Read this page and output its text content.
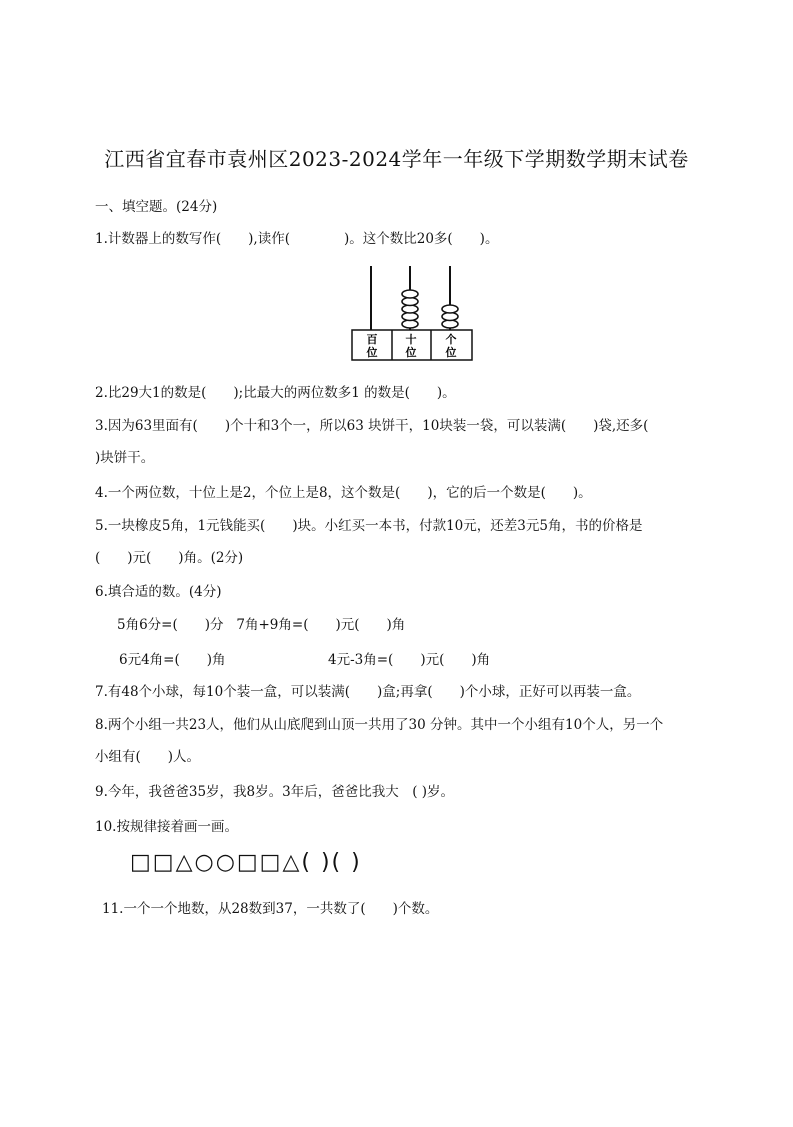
江西省宜春市袁州区2023-2024学年一年级下学期数学期末试卷
一、填空题。(24分)
1.计数器上的数写作(　　),读作(　　　　)。这个数比20多(　　)。
百
位
十
位
个
位
2.比29大1的数是(　　);比最大的两位数多1 的数是(　　)。
3.因为63里面有(　　)个十和3个一，所以63 块饼干，10块装一袋，可以装满(　　)袋,还多(
)块饼干。
4.一个两位数，十位上是2，个位上是8，这个数是(　　)，它的后一个数是(　　)。
5.一块橡皮5角，1元钱能买(　　)块。小红买一本书，付款10元，还差3元5角，书的价格是
(　　)元(　　)角。(2分)
6.填合适的数。(4分)
5角6分=(　　)分   7角+9角=(　　)元(　　)角
6元4角=(　　)角	4元-3角=(　　)元(　　)角
7.有48个小球，每10个装一盒，可以装满(　　)盒;再拿(　　)个小球，正好可以再装一盒。
8.两个小组一共23人，他们从山底爬到山顶一共用了30 分钟。其中一个小组有10个人，另一个
小组有(　　)人。
9.今年，我爸爸35岁，我8岁。3年后，爸爸比我大　( )岁。
10.按规律接着画一画。
□□△○○□□△( )( )
11.一个一个地数，从28数到37，一共数了(　　)个数。
